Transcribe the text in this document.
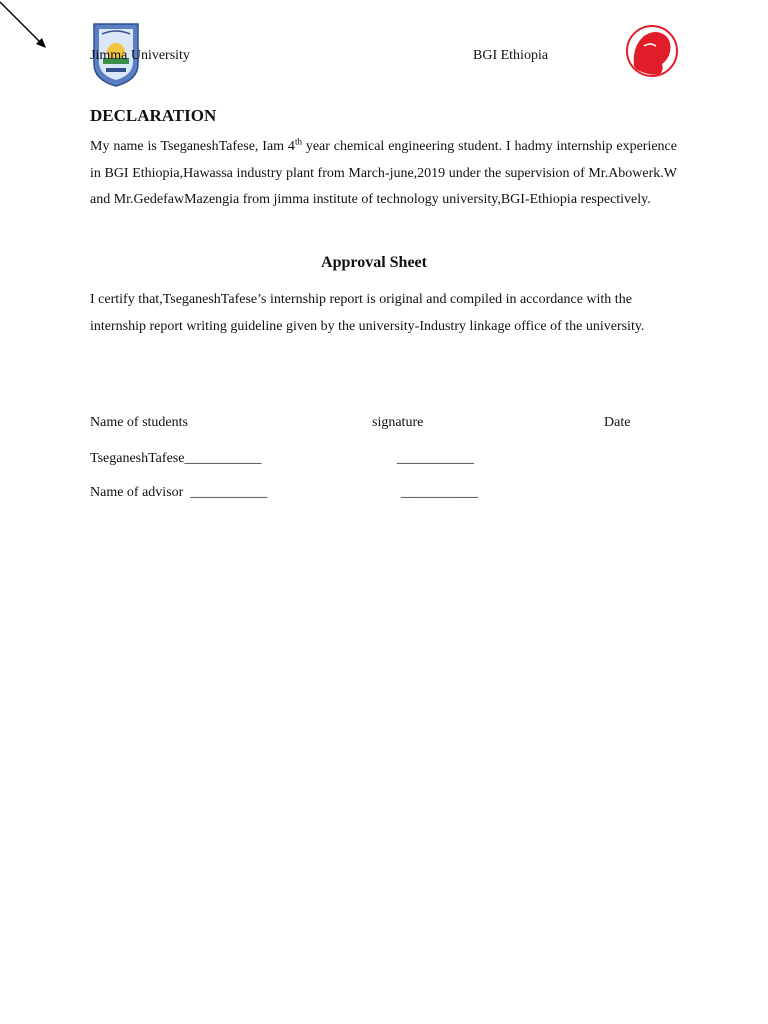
Jimma University	BGI Ethiopia
DECLARATION
My name is TseganeshTafese, Iam 4th year chemical engineering student. I hadmy internship experience in BGI Ethiopia,Hawassa industry plant from March-june,2019 under the supervision of Mr.Abowerk.W and Mr.GedefawMazengia from jimma institute of technology university,BGI-Ethiopia respectively.
Approval Sheet
I certify that,TseganeshTafese’s internship report is original and compiled in accordance with the internship report writing guideline given by the university-Industry linkage office of the university.
Name of students	signature	Date
TseganeshTafese___________	___________
Name of advisor  ___________	___________
